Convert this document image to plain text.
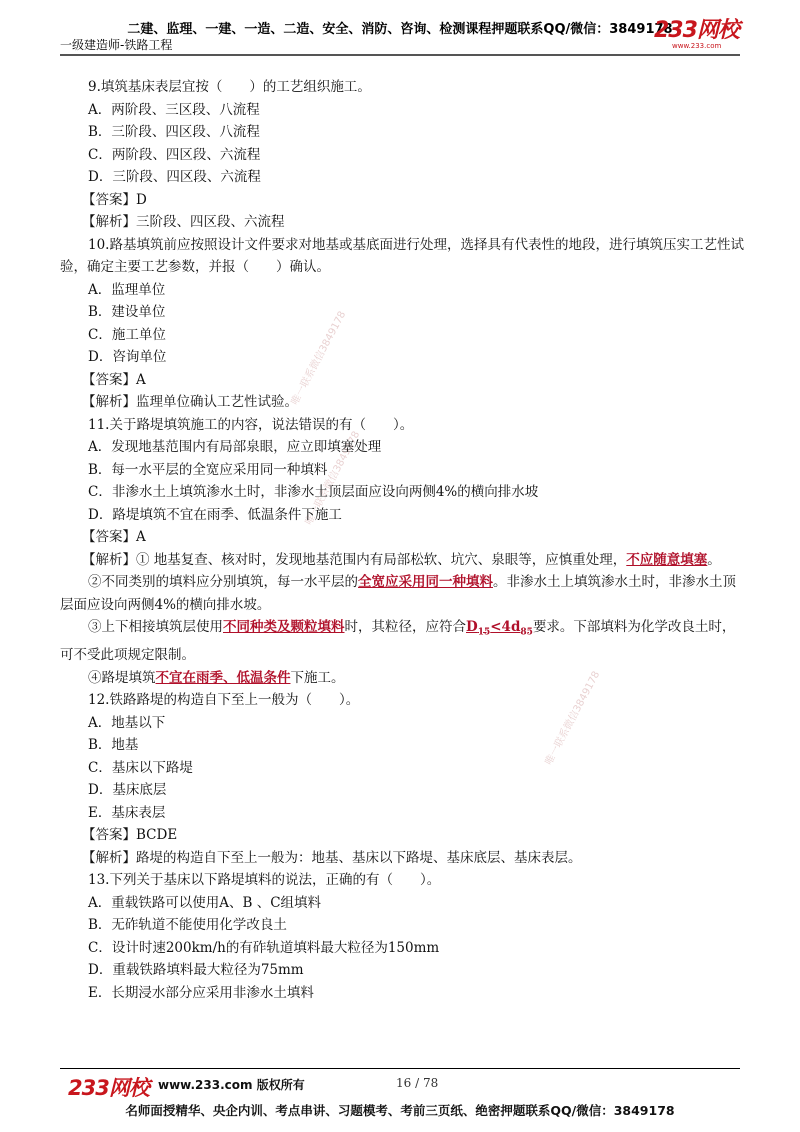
二建、监理、一建、一造、二造、安全、消防、咨询、检测课程押题联系QQ/微信：3849178
一级建造师-铁路工程
233网校
www.233.com
唯一联系微信3849178
唯一联系微信3849178
唯一联系微信3849178
9.填筑基床表层宜按（　　）的工艺组织施工。
A．两阶段、三区段、八流程
B．三阶段、四区段、八流程
C．两阶段、四区段、六流程
D．三阶段、四区段、六流程
【答案】D
【解析】三阶段、四区段、六流程
10.路基填筑前应按照设计文件要求对地基或基底面进行处理，选择具有代表性的地段，进行填筑压实工艺性试验，确定主要工艺参数，并报（　　）确认。
A．监理单位
B．建设单位
C．施工单位
D．咨询单位
【答案】A
【解析】监理单位确认工艺性试验。
11.关于路堤填筑施工的内容，说法错误的有（　　）。
A．发现地基范围内有局部泉眼，应立即填塞处理
B．每一水平层的全宽应采用同一种填料
C．非渗水土上填筑渗水土时，非渗水土顶层面应设向两侧4%的横向排水坡
D．路堤填筑不宜在雨季、低温条件下施工
【答案】A
【解析】① 地基复查、核对时，发现地基范围内有局部松软、坑穴、泉眼等，应慎重处理，不应随意填塞。
②不同类别的填料应分别填筑，每一水平层的全宽应采用同一种填料。非渗水土上填筑渗水土时，非渗水土顶层面应设向两侧4%的横向排水坡。
③上下相接填筑层使用不同种类及颗粒填料时，其粒径，应符合$D_{15}<4d_{85}$要求。下部填料为化学改良土时，可不受此项规定限制。
④路堤填筑不宜在雨季、低温条件下施工。
12.铁路路堤的构造自下至上一般为（　　）。
A．地基以下
B．地基
C．基床以下路堤
D．基床底层
E．基床表层
【答案】BCDE
【解析】路堤的构造自下至上一般为：地基、基床以下路堤、基床底层、基床表层。
13.下列关于基床以下路堤填料的说法，正确的有（　　）。
A．重载铁路可以使用A、B 、C组填料
B．无砟轨道不能使用化学改良土
C．设计时速200km/h的有砟轨道填料最大粒径为150mm
D．重载铁路填料最大粒径为75mm
E．长期浸水部分应采用非渗水土填料
233网校 www.233.com 版权所有	16 / 78
名师面授精华、央企内训、考点串讲、习题模考、考前三页纸、绝密押题联系QQ/微信：3849178
